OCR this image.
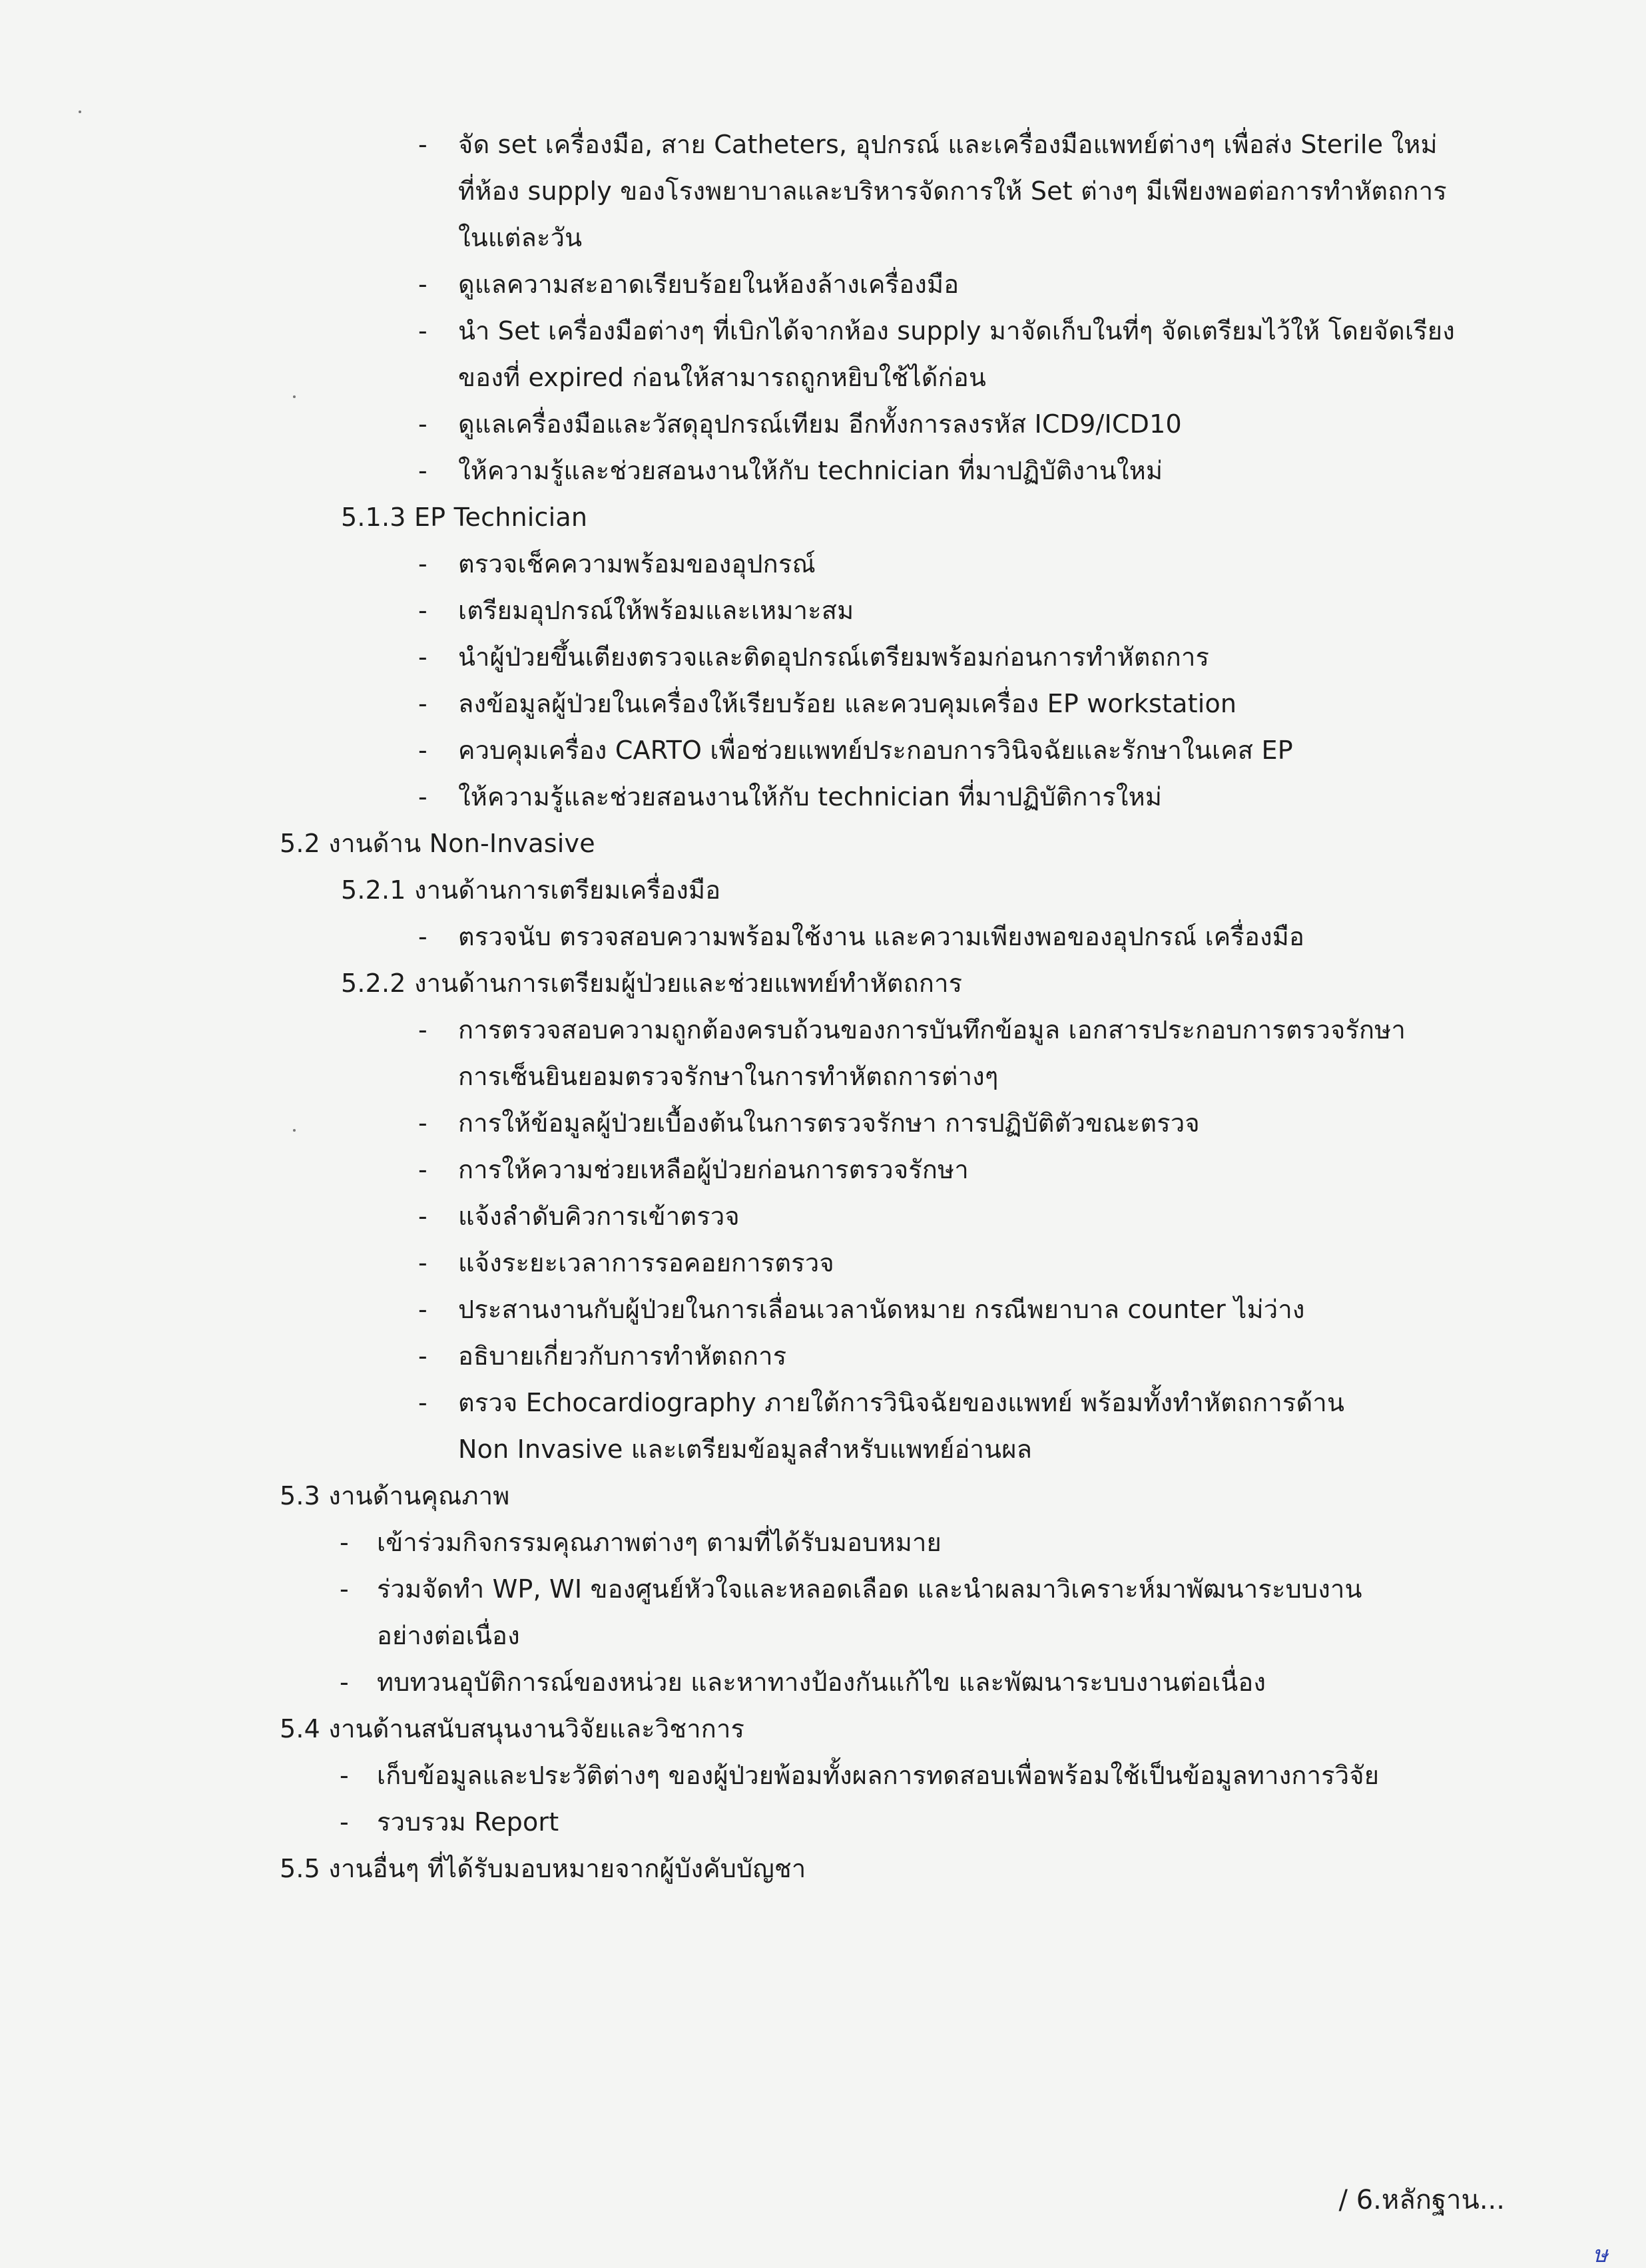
- จัด set เครื่องมือ, สาย Catheters, อุปกรณ์ และเครื่องมือแพทย์ต่างๆ เพื่อส่ง Sterile ใหม่
ที่ห้อง supply ของโรงพยาบาลและบริหารจัดการให้ Set ต่างๆ มีเพียงพอต่อการทำหัตถการ
ในแต่ละวัน
- ดูแลความสะอาดเรียบร้อยในห้องล้างเครื่องมือ
- นำ Set เครื่องมือต่างๆ ที่เบิกได้จากห้อง supply มาจัดเก็บในที่ๆ จัดเตรียมไว้ให้ โดยจัดเรียง
ของที่ expired ก่อนให้สามารถถูกหยิบใช้ได้ก่อน
- ดูแลเครื่องมือและวัสดุอุปกรณ์เทียม อีกทั้งการลงรหัส ICD9/ICD10
- ให้ความรู้และช่วยสอนงานให้กับ technician ที่มาปฏิบัติงานใหม่
5.1.3 EP Technician
- ตรวจเช็คความพร้อมของอุปกรณ์
- เตรียมอุปกรณ์ให้พร้อมและเหมาะสม
- นำผู้ป่วยขึ้นเตียงตรวจและติดอุปกรณ์เตรียมพร้อมก่อนการทำหัตถการ
- ลงข้อมูลผู้ป่วยในเครื่องให้เรียบร้อย และควบคุมเครื่อง EP workstation
- ควบคุมเครื่อง CARTO เพื่อช่วยแพทย์ประกอบการวินิจฉัยและรักษาในเคส EP
- ให้ความรู้และช่วยสอนงานให้กับ technician ที่มาปฏิบัติการใหม่
5.2 งานด้าน Non-Invasive
5.2.1 งานด้านการเตรียมเครื่องมือ
- ตรวจนับ ตรวจสอบความพร้อมใช้งาน และความเพียงพอของอุปกรณ์ เครื่องมือ
5.2.2 งานด้านการเตรียมผู้ป่วยและช่วยแพทย์ทำหัตถการ
- การตรวจสอบความถูกต้องครบถ้วนของการบันทึกข้อมูล เอกสารประกอบการตรวจรักษา
การเซ็นยินยอมตรวจรักษาในการทำหัตถการต่างๆ
- การให้ข้อมูลผู้ป่วยเบื้องต้นในการตรวจรักษา การปฏิบัติตัวขณะตรวจ
- การให้ความช่วยเหลือผู้ป่วยก่อนการตรวจรักษา
- แจ้งลำดับคิวการเข้าตรวจ
- แจ้งระยะเวลาการรอคอยการตรวจ
- ประสานงานกับผู้ป่วยในการเลื่อนเวลานัดหมาย กรณีพยาบาล counter ไม่ว่าง
- อธิบายเกี่ยวกับการทำหัตถการ
- ตรวจ Echocardiography ภายใต้การวินิจฉัยของแพทย์ พร้อมทั้งทำหัตถการด้าน
Non Invasive และเตรียมข้อมูลสำหรับแพทย์อ่านผล
5.3 งานด้านคุณภาพ
- เข้าร่วมกิจกรรมคุณภาพต่างๆ ตามที่ได้รับมอบหมาย
- ร่วมจัดทำ WP, WI ของศูนย์หัวใจและหลอดเลือด และนำผลมาวิเคราะห์มาพัฒนาระบบงาน
อย่างต่อเนื่อง
- ทบทวนอุบัติการณ์ของหน่วย และหาทางป้องกันแก้ไข และพัฒนาระบบงานต่อเนื่อง
5.4 งานด้านสนับสนุนงานวิจัยและวิชาการ
- เก็บข้อมูลและประวัติต่างๆ ของผู้ป่วยพ้อมทั้งผลการทดสอบเพื่อพร้อมใช้เป็นข้อมูลทางการวิจัย
- รวบรวม Report
5.5 งานอื่นๆ ที่ได้รับมอบหมายจากผู้บังคับบัญชา
/ 6.หลักฐาน...
ษ
